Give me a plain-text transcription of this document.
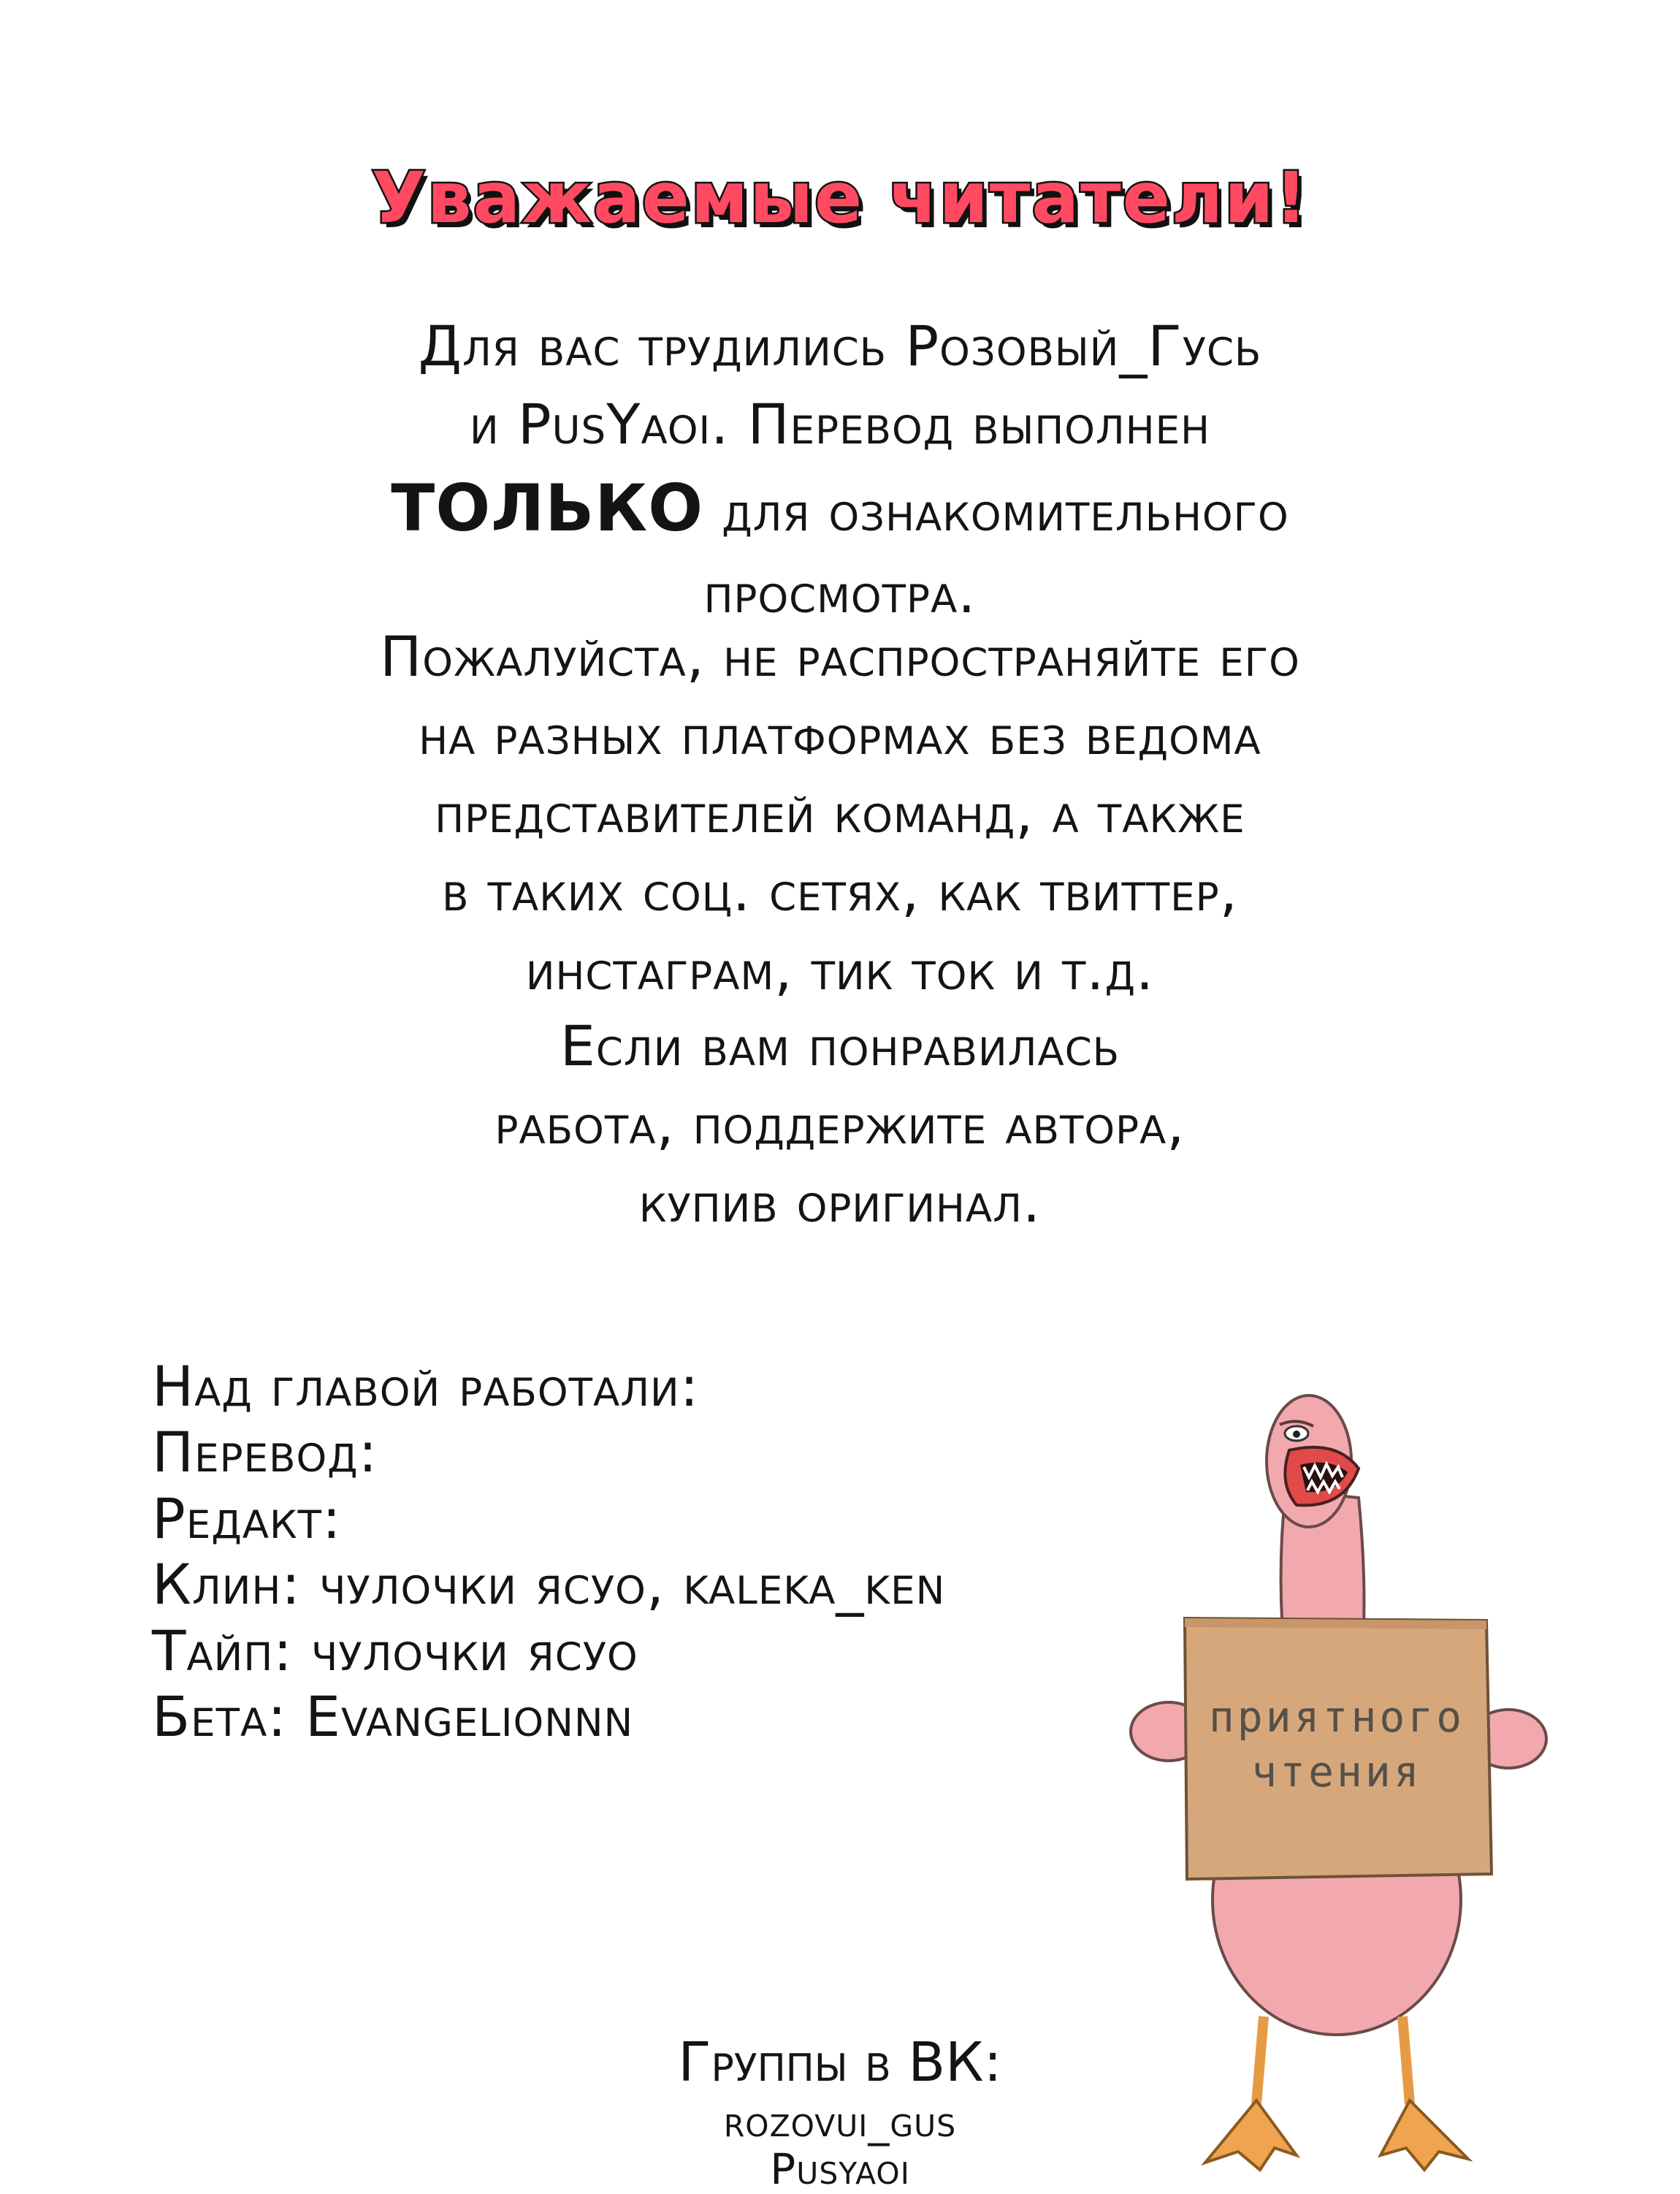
Уважаемые читатели!
Для вас трудились Розовый_Гусь
и PusYaoi. Перевод выполнен
ТОЛЬКО для ознакомительного
просмотра.
Пожалуйста, не распространяйте его
на разных платформах без ведома
представителей команд, а также
в таких соц. сетях, как твиттер,
инстаграм, тик ток и т.д.
Если вам понравилась
работа, поддержите автора,
купив оригинал.
Над главой работали:
Перевод:
Редакт:
Клин: чулочки ясуо, kaleka_ken
Тайп: чулочки ясуо
Бета: Evangelionnn	приятного
чтения
Группы в ВК:
rozovui_gus
Pusyaoi
